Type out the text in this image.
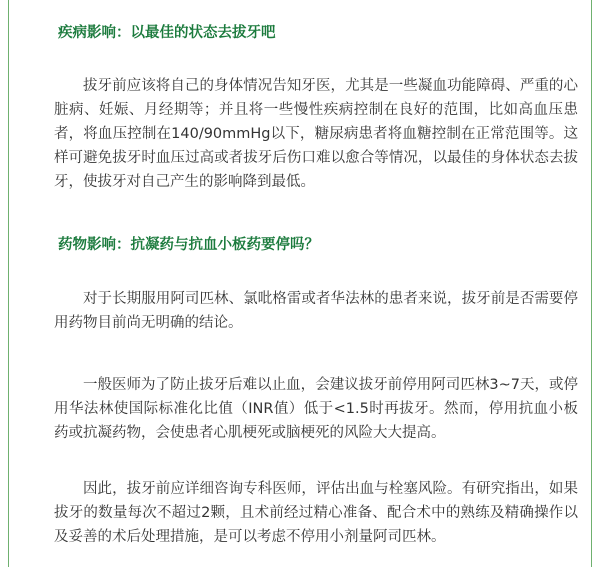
疾病影响：以最佳的状态去拔牙吧

拔牙前应该将自己的身体情况告知牙医，尤其是一些凝血功能障碍、严重的心脏病、妊娠、月经期等；并且将一些慢性疾病控制在良好的范围，比如高血压患者，将血压控制在140/90mmHg以下，糖尿病患者将血糖控制在正常范围等。这样可避免拔牙时血压过高或者拔牙后伤口难以愈合等情况，以最佳的身体状态去拔牙，使拔牙对自己产生的影响降到最低。

药物影响：抗凝药与抗血小板药要停吗？

对于长期服用阿司匹林、氯吡格雷或者华法林的患者来说，拔牙前是否需要停用药物目前尚无明确的结论。

一般医师为了防止拔牙后难以止血，会建议拔牙前停用阿司匹林3~7天，或停用华法林使国际标准化比值（INR值）低于<1.5时再拔牙。然而，停用抗血小板药或抗凝药物，会使患者心肌梗死或脑梗死的风险大大提高。

因此，拔牙前应详细咨询专科医师，评估出血与栓塞风险。有研究指出，如果拔牙的数量每次不超过2颗，且术前经过精心准备、配合术中的熟练及精确操作以及妥善的术后处理措施，是可以考虑不停用小剂量阿司匹林。
